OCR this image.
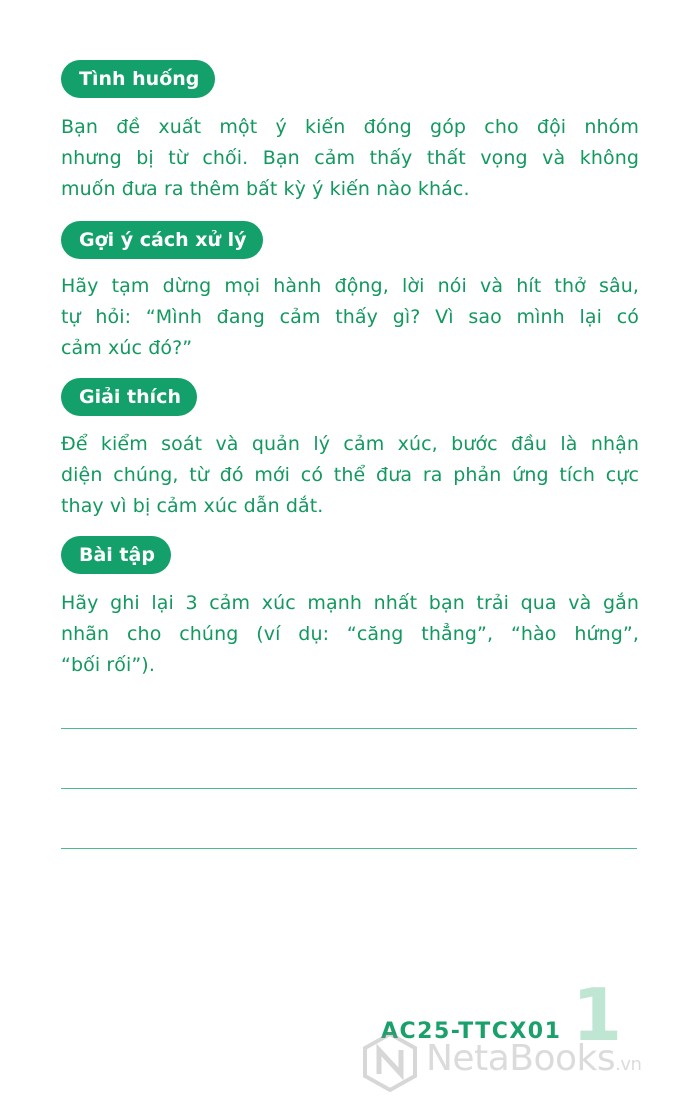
Tình huống
Bạn đề xuất một ý kiến đóng góp cho đội nhóm
nhưng bị từ chối. Bạn cảm thấy thất vọng và không
muốn đưa ra thêm bất kỳ ý kiến nào khác.
Gợi ý cách xử lý
Hãy tạm dừng mọi hành động, lời nói và hít thở sâu,
tự hỏi: “Mình đang cảm thấy gì? Vì sao mình lại có
cảm xúc đó?”
Giải thích
Để kiểm soát và quản lý cảm xúc, bước đầu là nhận
diện chúng, từ đó mới có thể đưa ra phản ứng tích cực
thay vì bị cảm xúc dẫn dắt.
Bài tập
Hãy ghi lại 3 cảm xúc mạnh nhất bạn trải qua và gắn
nhãn cho chúng (ví dụ: “căng thẳng”, “hào hứng”,
“bối rối”).
AC25-TTCX01 1
NetaBooks.vn
